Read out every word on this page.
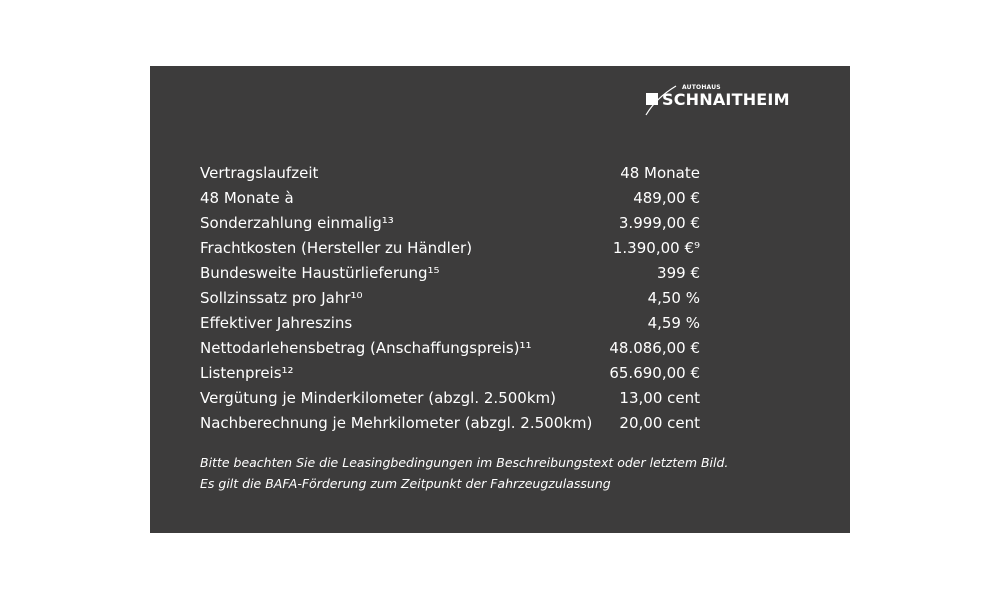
AUTOHAUS
SCHNAITHEIM
Vertragslaufzeit	48 Monate
48 Monate à	489,00 €
Sonderzahlung einmalig¹³	3.999,00 €
Frachtkosten (Hersteller zu Händler)	1.390,00 €⁹
Bundesweite Haustürlieferung¹⁵	399 €
Sollzinssatz pro Jahr¹⁰	4,50 %
Effektiver Jahreszins	4,59 %
Nettodarlehensbetrag (Anschaffungspreis)¹¹	48.086,00 €
Listenpreis¹²	65.690,00 €
Vergütung je Minderkilometer (abzgl. 2.500km)	13,00 cent
Nachberechnung je Mehrkilometer (abzgl. 2.500km) 20,00 cent
Bitte beachten Sie die Leasingbedingungen im Beschreibungstext oder letztem Bild.
Es gilt die BAFA-Förderung zum Zeitpunkt der Fahrzeugzulassung
